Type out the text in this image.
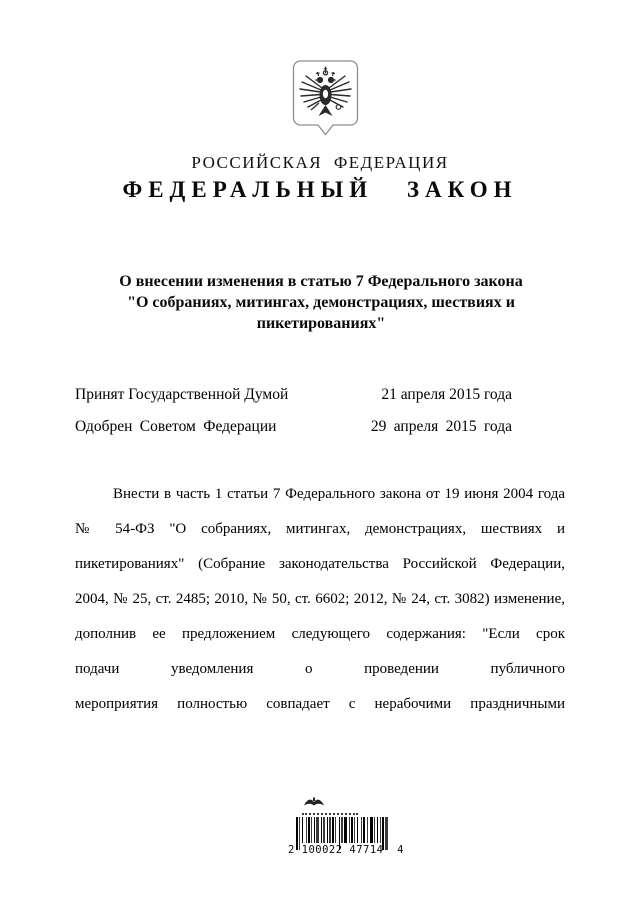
РОССИЙСКАЯ ФЕДЕРАЦИЯ
ФЕДЕРАЛЬНЫЙ ЗАКОН
О внесении изменения в статью 7 Федерального закона
"О собраниях, митингах, демонстрациях, шествиях и
пикетированиях"
Принят Государственной Думой	21 апреля 2015 года
Одобрен Советом Федерации	29 апреля 2015 года
Внести в часть 1 статьи 7 Федерального закона от 19 июня 2004 года
№ 54-ФЗ "О собраниях, митингах, демонстрациях, шествиях и
пикетированиях" (Собрание законодательства Российской Федерации,
2004, № 25, ст. 2485; 2010, № 50, ст. 6602; 2012, № 24, ст. 3082) изменение,
дополнив ее предложением следующего содержания: "Если срок
подачи уведомления о проведении публичного
мероприятия полностью совпадает с нерабочими праздничными
2 100022 47714  4
